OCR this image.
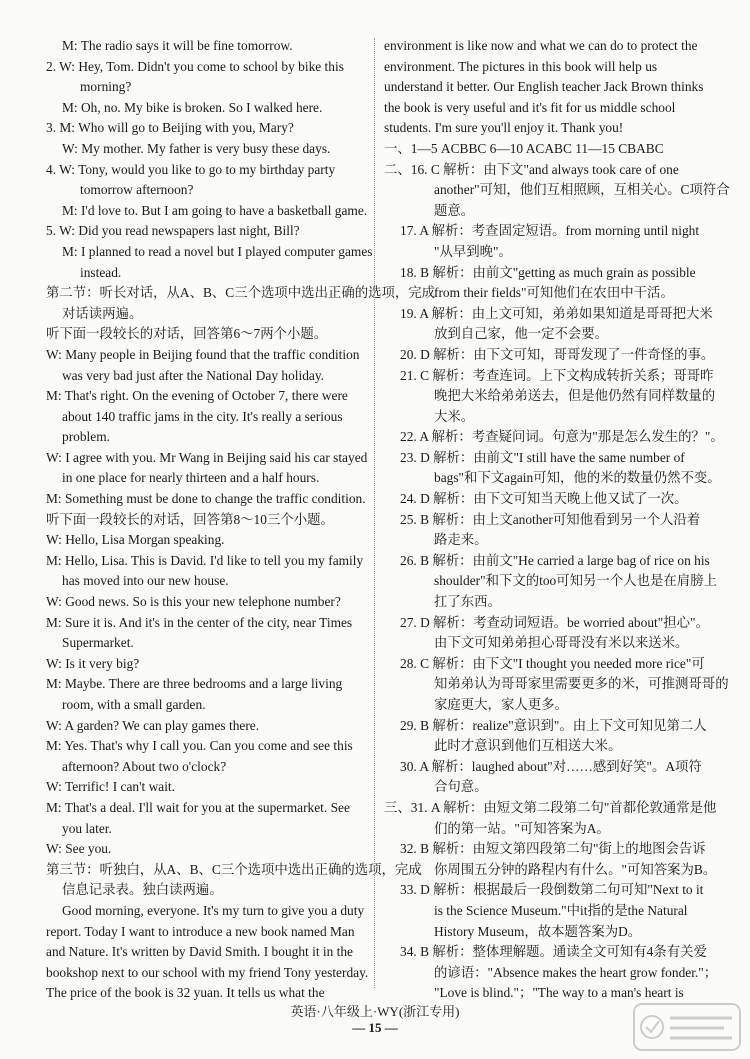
M: The radio says it will be fine tomorrow.
2. W: Hey, Tom. Didn't you come to school by bike this
morning?
M: Oh, no. My bike is broken. So I walked here.
3. M: Who will go to Beijing with you, Mary?
W: My mother. My father is very busy these days.
4. W: Tony, would you like to go to my birthday party
tomorrow afternoon?
M: I'd love to. But I am going to have a basketball game.
5. W: Did you read newspapers last night, Bill?
M: I planned to read a novel but I played computer games
instead.
第二节：听长对话，从A、B、C三个选项中选出正确的选项，完成
对话读两遍。
听下面一段较长的对话，回答第6～7两个小题。
W: Many people in Beijing found that the traffic condition
was very bad just after the National Day holiday.
M: That's right. On the evening of October 7, there were
about 140 traffic jams in the city. It's really a serious
problem.
W: I agree with you. Mr Wang in Beijing said his car stayed
in one place for nearly thirteen and a half hours.
M: Something must be done to change the traffic condition.
听下面一段较长的对话，回答第8～10三个小题。
W: Hello, Lisa Morgan speaking.
M: Hello, Lisa. This is David. I'd like to tell you my family
has moved into our new house.
W: Good news. So is this your new telephone number?
M: Sure it is. And it's in the center of the city, near Times
Supermarket.
W: Is it very big?
M: Maybe. There are three bedrooms and a large living
room, with a small garden.
W: A garden? We can play games there.
M: Yes. That's why I call you. Can you come and see this
afternoon? About two o'clock?
W: Terrific! I can't wait.
M: That's a deal. I'll wait for you at the supermarket. See
you later.
W: See you.
第三节：听独白，从A、B、C三个选项中选出正确的选项，完成
信息记录表。独白读两遍。
Good morning, everyone. It's my turn to give you a duty
report. Today I want to introduce a new book named Man
and Nature. It's written by David Smith. I bought it in the
bookshop next to our school with my friend Tony yesterday.
The price of the book is 32 yuan. It tells us what the
environment is like now and what we can do to protect the
environment. The pictures in this book will help us
understand it better. Our English teacher Jack Brown thinks
the book is very useful and it's fit for us middle school
students. I'm sure you'll enjoy it. Thank you!
一、1—5 ACBBC 6—10 ACABC 11—15 CBABC
二、16. C 解析：由下文"and always took care of one
another"可知，他们互相照顾，互相关心。C项符合
题意。
17. A 解析：考查固定短语。from morning until night
"从早到晚"。
18. B 解析：由前文"getting as much grain as possible
from their fields"可知他们在农田中干活。
19. A 解析：由上文可知，弟弟如果知道是哥哥把大米
放到自己家，他一定不会要。
20. D 解析：由下文可知，哥哥发现了一件奇怪的事。
21. C 解析：考查连词。上下文构成转折关系；哥哥昨
晚把大米给弟弟送去，但是他仍然有同样数量的
大米。
22. A 解析：考查疑问词。句意为"那是怎么发生的？"。
23. D 解析：由前文"I still have the same number of
bags"和下文again可知，他的米的数量仍然不变。
24. D 解析：由下文可知当天晚上他又试了一次。
25. B 解析：由上文another可知他看到另一个人沿着
路走来。
26. B 解析：由前文"He carried a large bag of rice on his
shoulder"和下文的too可知另一个人也是在肩膀上
扛了东西。
27. D 解析：考查动词短语。be worried about"担心"。
由下文可知弟弟担心哥哥没有米以来送米。
28. C 解析：由下文"I thought you needed more rice"可
知弟弟认为哥哥家里需要更多的米，可推测哥哥的
家庭更大，家人更多。
29. B 解析：realize"意识到"。由上下文可知见第二人
此时才意识到他们互相送大米。
30. A 解析：laughed about"对……感到好笑"。A项符
合句意。
三、31. A 解析：由短文第二段第二句"首都伦敦通常是他
们的第一站。"可知答案为A。
32. B 解析：由短文第四段第二句"街上的地图会告诉
你周围五分钟的路程内有什么。"可知答案为B。
33. D 解析：根据最后一段倒数第二句可知"Next to it
is the Science Museum."中it指的是the Natural
History Museum，故本题答案为D。
34. B 解析：整体理解题。通读全文可知有4条有关爱
的谚语："Absence makes the heart grow fonder."；
"Love is blind."；"The way to a man's heart is
英语·八年级上·WY(浙江专用)
— 15 —
